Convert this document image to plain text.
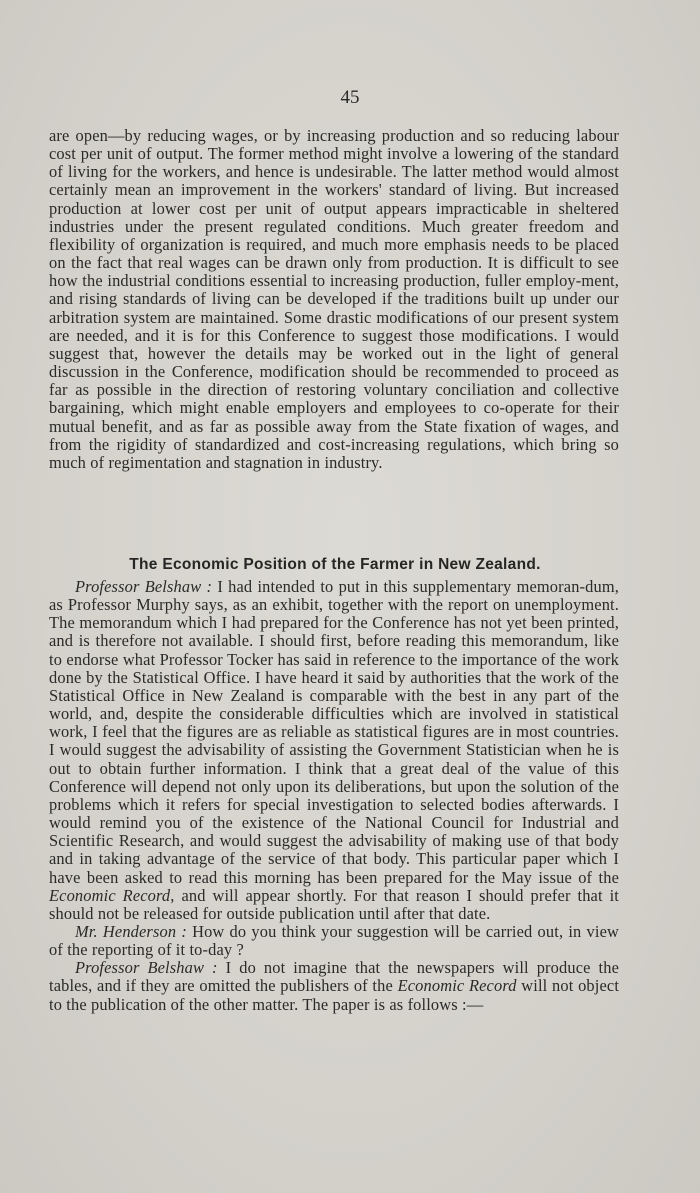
45

are open—by reducing wages, or by increasing production and so reducing labour cost per unit of output. The former method might involve a lowering of the standard of living for the workers, and hence is undesirable. The latter method would almost certainly mean an improvement in the workers' standard of living. But increased production at lower cost per unit of output appears impracticable in sheltered industries under the present regulated conditions. Much greater freedom and flexibility of organization is required, and much more emphasis needs to be placed on the fact that real wages can be drawn only from production. It is difficult to see how the industrial conditions essential to increasing production, fuller employ-ment, and rising standards of living can be developed if the traditions built up under our arbitration system are maintained. Some drastic modifications of our present system are needed, and it is for this Conference to suggest those modifications. I would suggest that, however the details may be worked out in the light of general discussion in the Conference, modification should be recommended to proceed as far as possible in the direction of restoring voluntary conciliation and collective bargaining, which might enable employers and employees to co-operate for their mutual benefit, and as far as possible away from the State fixation of wages, and from the rigidity of standardized and cost-increasing regulations, which bring so much of regimentation and stagnation in industry.

The Economic Position of the Farmer in New Zealand.

Professor Belshaw : I had intended to put in this supplementary memoran-dum, as Professor Murphy says, as an exhibit, together with the report on unemployment. The memorandum which I had prepared for the Conference has not yet been printed, and is therefore not available. I should first, before reading this memorandum, like to endorse what Professor Tocker has said in reference to the importance of the work done by the Statistical Office. I have heard it said by authorities that the work of the Statistical Office in New Zealand is comparable with the best in any part of the world, and, despite the considerable difficulties which are involved in statistical work, I feel that the figures are as reliable as statistical figures are in most countries. I would suggest the advisability of assisting the Government Statistician when he is out to obtain further information. I think that a great deal of the value of this Conference will depend not only upon its deliberations, but upon the solution of the problems which it refers for special investigation to selected bodies afterwards. I would remind you of the existence of the National Council for Industrial and Scientific Research, and would suggest the advisability of making use of that body and in taking advantage of the service of that body. This particular paper which I have been asked to read this morning has been prepared for the May issue of the Economic Record, and will appear shortly. For that reason I should prefer that it should not be released for outside publication until after that date.

Mr. Henderson : How do you think your suggestion will be carried out, in view of the reporting of it to-day ?

Professor Belshaw : I do not imagine that the newspapers will produce the tables, and if they are omitted the publishers of the Economic Record will not object to the publication of the other matter. The paper is as follows :—
